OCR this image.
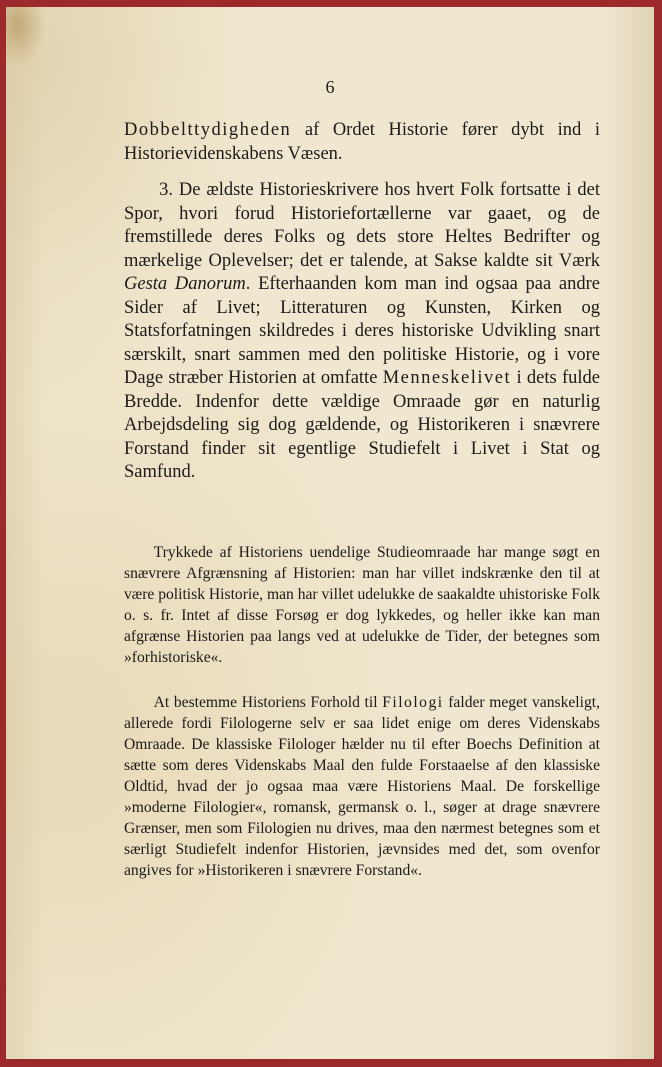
6

Dobbelttydigheden af Ordet Historie fører dybt ind i Historievidenskabens Væsen.

3. De ældste Historieskrivere hos hvert Folk fortsatte i det Spor, hvori forud Historiefortællerne var gaaet, og de fremstillede deres Folks og dets store Heltes Bedrifter og mærkelige Oplevelser; det er talende, at Sakse kaldte sit Værk Gesta Danorum. Efterhaanden kom man ind ogsaa paa andre Sider af Livet; Litteraturen og Kunsten, Kirken og Statsforfatningen skildredes i deres historiske Udvikling snart særskilt, snart sammen med den politiske Historie, og i vore Dage stræber Historien at omfatte Menneskelivet i dets fulde Bredde. Indenfor dette vældige Omraade gør en naturlig Arbejdsdeling sig dog gældende, og Historikeren i snævrere Forstand finder sit egentlige Studiefelt i Livet i Stat og Samfund.

Trykkede af Historiens uendelige Studieomraade har mange søgt en snævrere Afgrænsning af Historien: man har villet indskrænke den til at være politisk Historie, man har villet udelukke de saakaldte uhistoriske Folk o. s. fr. Intet af disse Forsøg er dog lykkedes, og heller ikke kan man afgrænse Historien paa langs ved at udelukke de Tider, der betegnes som »forhistoriske«.

At bestemme Historiens Forhold til Filologi falder meget vanskeligt, allerede fordi Filologerne selv er saa lidet enige om deres Videnskabs Omraade. De klassiske Filologer hælder nu til efter Boechs Definition at sætte som deres Videnskabs Maal den fulde Forstaaelse af den klassiske Oldtid, hvad der jo ogsaa maa være Historiens Maal. De forskellige »moderne Filologier«, romansk, germansk o. l., søger at drage snævrere Grænser, men som Filologien nu drives, maa den nærmest betegnes som et særligt Studiefelt indenfor Historien, jævnsides med det, som ovenfor angives for »Historikeren i snævrere Forstand«.
